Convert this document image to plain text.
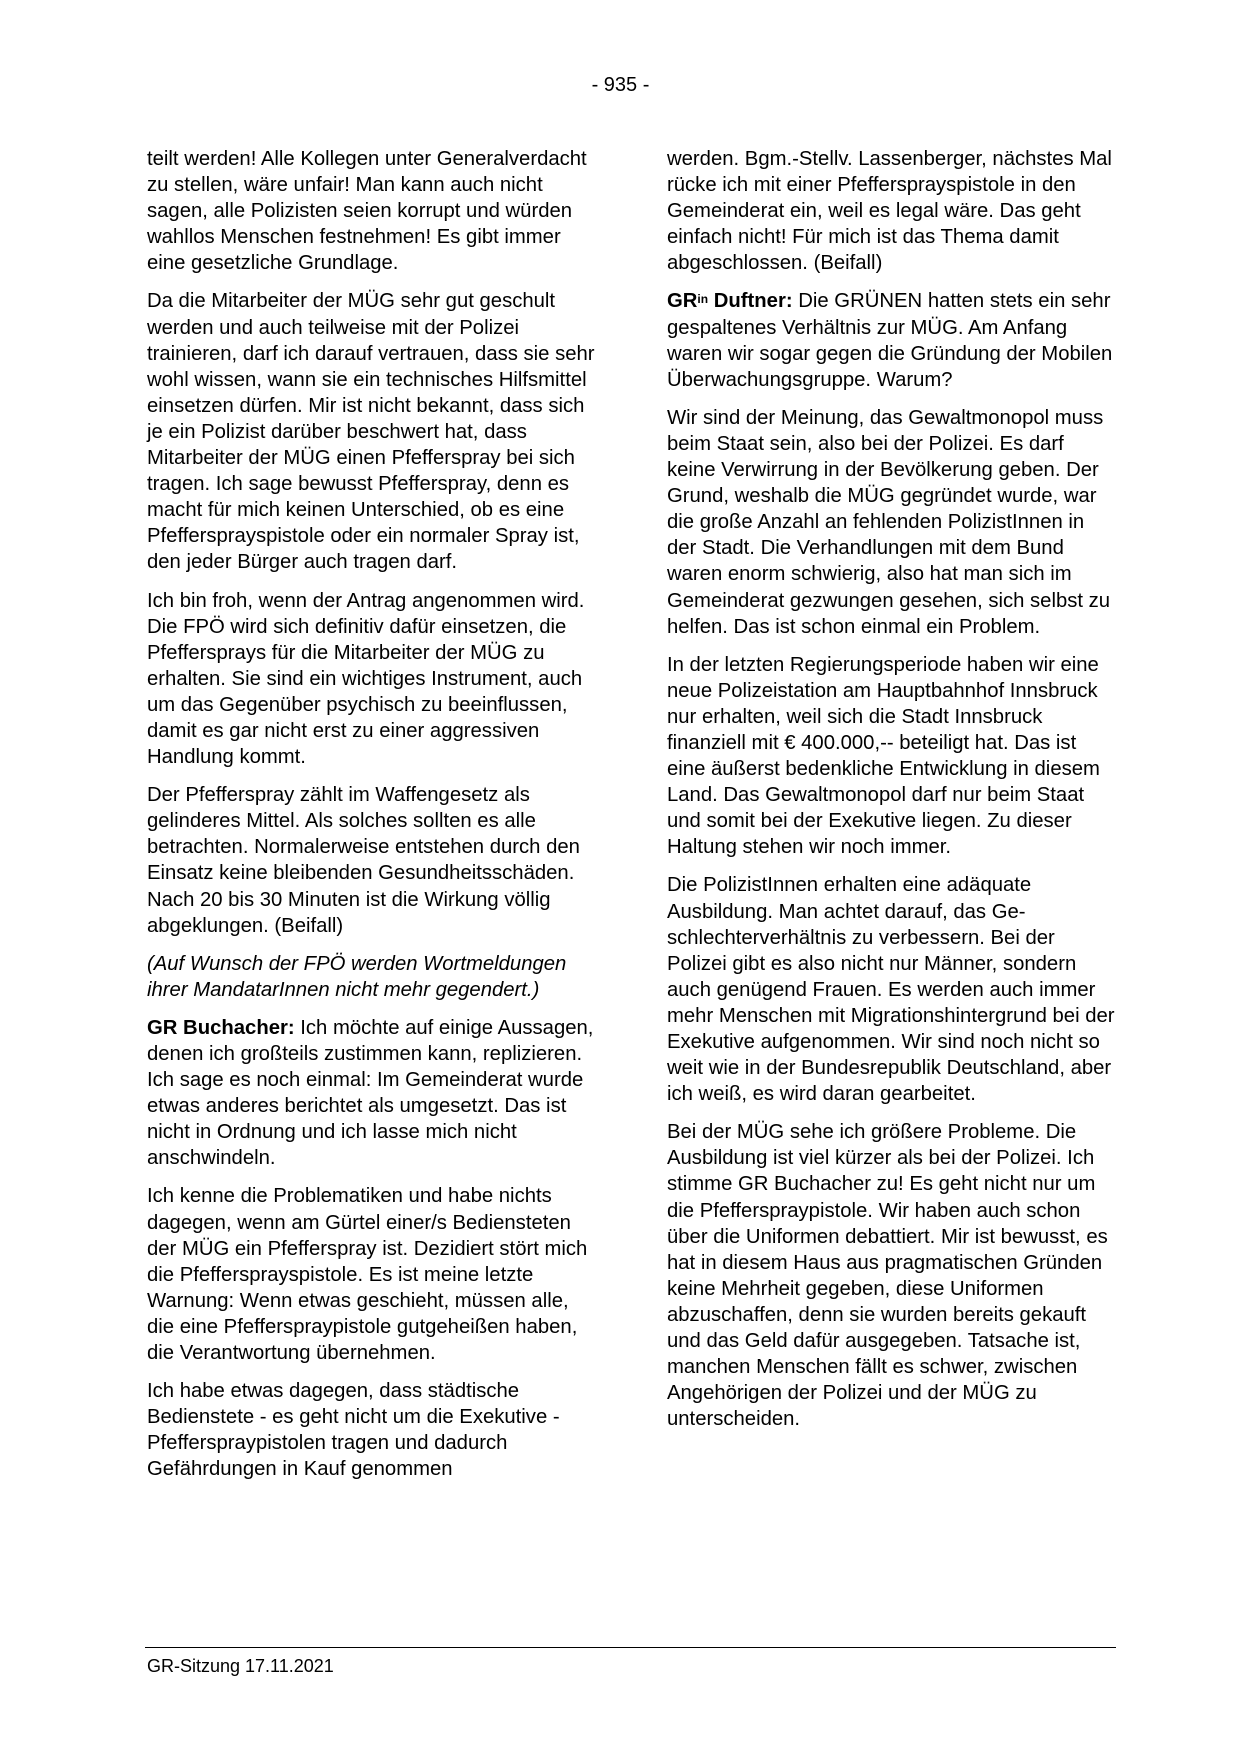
- 935 -

teilt werden! Alle Kollegen unter Generalverdacht zu stellen, wäre unfair! Man kann auch nicht sagen, alle Polizisten seien korrupt und würden wahllos Menschen festnehmen! Es gibt immer eine gesetzliche Grundlage.

Da die Mitarbeiter der MÜG sehr gut geschult werden und auch teilweise mit der Polizei trainieren, darf ich darauf vertrauen, dass sie sehr wohl wissen, wann sie ein technisches Hilfsmittel einsetzen dürfen. Mir ist nicht bekannt, dass sich je ein Polizist darüber beschwert hat, dass Mitarbeiter der MÜG einen Pfefferspray bei sich tragen. Ich sage bewusst Pfefferspray, denn es macht für mich keinen Unterschied, ob es eine Pfeffersprayspistole oder ein normaler Spray ist, den jeder Bürger auch tragen darf.

Ich bin froh, wenn der Antrag angenommen wird. Die FPÖ wird sich definitiv dafür einsetzen, die Pfeffersprays für die Mitarbeiter der MÜG zu erhalten. Sie sind ein wichtiges Instrument, auch um das Gegenüber psychisch zu beeinflussen, damit es gar nicht erst zu einer aggressiven Handlung kommt.

Der Pfefferspray zählt im Waffengesetz als gelinderes Mittel. Als solches sollten es alle betrachten. Normalerweise entstehen durch den Einsatz keine bleibenden Gesundheitsschäden. Nach 20 bis 30 Minuten ist die Wirkung völlig abgeklungen. (Beifall)

(Auf Wunsch der FPÖ werden Wortmeldungen ihrer MandatarInnen nicht mehr gegendert.)

GR Buchacher: Ich möchte auf einige Aussagen, denen ich großteils zustimmen kann, replizieren. Ich sage es noch einmal: Im Gemeinderat wurde etwas anderes berichtet als umgesetzt. Das ist nicht in Ordnung und ich lasse mich nicht anschwindeln.

Ich kenne die Problematiken und habe nichts dagegen, wenn am Gürtel einer/s Bediensteten der MÜG ein Pfefferspray ist. Dezidiert stört mich die Pfeffersprayspistole. Es ist meine letzte Warnung: Wenn etwas geschieht, müssen alle, die eine Pfefferspraypistole gutgeheißen haben, die Verantwortung übernehmen.

Ich habe etwas dagegen, dass städtische Bedienstete - es geht nicht um die Exekutive - Pfefferspraypistolen tragen und dadurch Gefährdungen in Kauf genommen

werden. Bgm.-Stellv. Lassenberger, nächstes Mal rücke ich mit einer Pfeffersprayspistole in den Gemeinderat ein, weil es legal wäre. Das geht einfach nicht! Für mich ist das Thema damit abgeschlossen. (Beifall)

$GR^{in}$ Duftner: Die GRÜNEN hatten stets ein sehr gespaltenes Verhältnis zur MÜG. Am Anfang waren wir sogar gegen die Gründung der Mobilen Überwachungsgruppe. Warum?

Wir sind der Meinung, das Gewaltmonopol muss beim Staat sein, also bei der Polizei. Es darf keine Verwirrung in der Bevölkerung geben. Der Grund, weshalb die MÜG gegründet wurde, war die große Anzahl an fehlenden PolizistInnen in der Stadt. Die Verhandlungen mit dem Bund waren enorm schwierig, also hat man sich im Gemeinderat gezwungen gesehen, sich selbst zu helfen. Das ist schon einmal ein Problem.

In der letzten Regierungsperiode haben wir eine neue Polizeistation am Hauptbahnhof Innsbruck nur erhalten, weil sich die Stadt Innsbruck finanziell mit € 400.000,-- beteiligt hat. Das ist eine äußerst bedenkliche Entwicklung in diesem Land. Das Gewaltmonopol darf nur beim Staat und somit bei der Exekutive liegen. Zu dieser Haltung stehen wir noch immer.

Die PolizistInnen erhalten eine adäquate Ausbildung. Man achtet darauf, das Geschlechterverhältnis zu verbessern. Bei der Polizei gibt es also nicht nur Männer, sondern auch genügend Frauen. Es werden auch immer mehr Menschen mit Migrationshintergrund bei der Exekutive aufgenommen. Wir sind noch nicht so weit wie in der Bundesrepublik Deutschland, aber ich weiß, es wird daran gearbeitet.

Bei der MÜG sehe ich größere Probleme. Die Ausbildung ist viel kürzer als bei der Polizei. Ich stimme GR Buchacher zu! Es geht nicht nur um die Pfefferspraypistole. Wir haben auch schon über die Uniformen debattiert. Mir ist bewusst, es hat in diesem Haus aus pragmatischen Gründen keine Mehrheit gegeben, diese Uniformen abzuschaffen, denn sie wurden bereits gekauft und das Geld dafür ausgegeben. Tatsache ist, manchen Menschen fällt es schwer, zwischen Angehörigen der Polizei und der MÜG zu unterscheiden.

GR-Sitzung 17.11.2021
